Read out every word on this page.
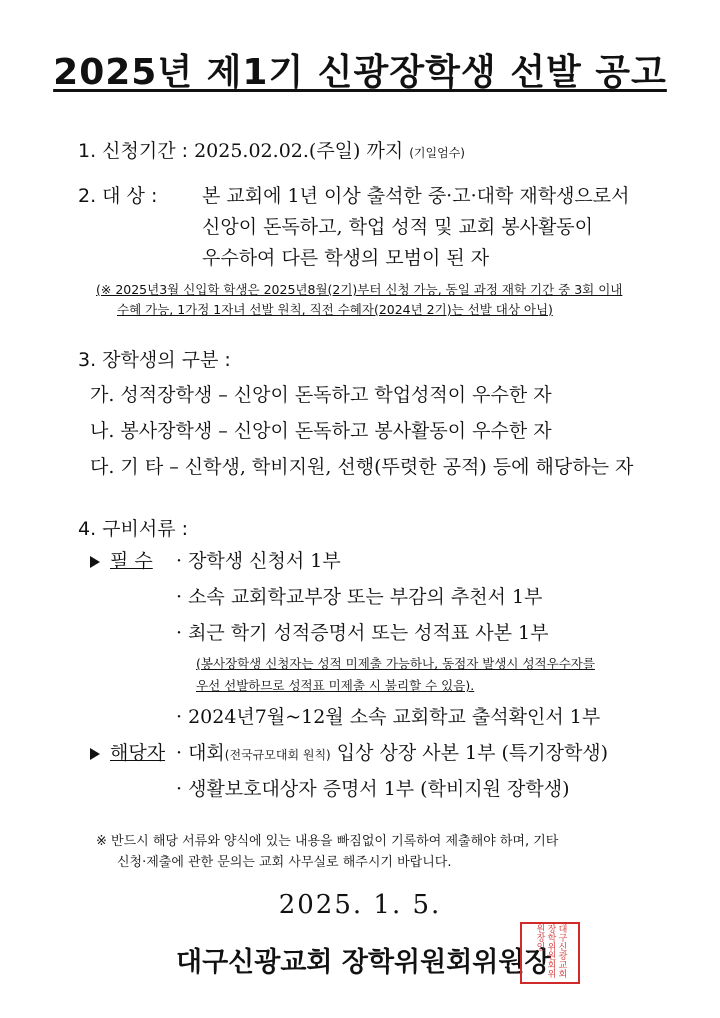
2025년 제1기 신광장학생 선발 공고
1. 신청기간 : 2025.02.02.(주일) 까지 (기일엄수)
2. 대 상 : 본 교회에 1년 이상 출석한 중·고·대학 재학생으로서
신앙이 돈독하고, 학업 성적 및 교회 봉사활동이
우수하여 다른 학생의 모범이 된 자
(※ 2025년3월 신입학 학생은 2025년8월(2기)부터 신청 가능, 동일 과정 재학 기간 중 3회 이내
수혜 가능, 1가정 1자녀 선발 원칙, 직전 수혜자(2024년 2기)는 선발 대상 아님)
3. 장학생의 구분 :
가. 성적장학생 – 신앙이 돈독하고 학업성적이 우수한 자
나. 봉사장학생 – 신앙이 돈독하고 봉사활동이 우수한 자
다. 기 타 – 신학생, 학비지원, 선행(뚜렷한 공적) 등에 해당하는 자
4. 구비서류 :
필 수 · 장학생 신청서 1부
· 소속 교회학교부장 또는 부감의 추천서 1부
· 최근 학기 성적증명서 또는 성적표 사본 1부
(봉사장학생 신청자는 성적 미제출 가능하나, 동점자 발생시 성적우수자를
우선 선발하므로 성적표 미제출 시 불리할 수 있음).
· 2024년7월~12월 소속 교회학교 출석확인서 1부
해당자 · 대회(전국규모대회 원칙) 입상 상장 사본 1부 (특기장학생)
· 생활보호대상자 증명서 1부 (학비지원 장학생)
※ 반드시 해당 서류와 양식에 있는 내용을 빠짐없이 기록하여 제출해야 하며, 기타
신청·제출에 관한 문의는 교회 사무실로 해주시기 바랍니다.
2025. 1. 5.
대구신광교회 장학위원회위원장 대구신광교회장학위원회위원장인
